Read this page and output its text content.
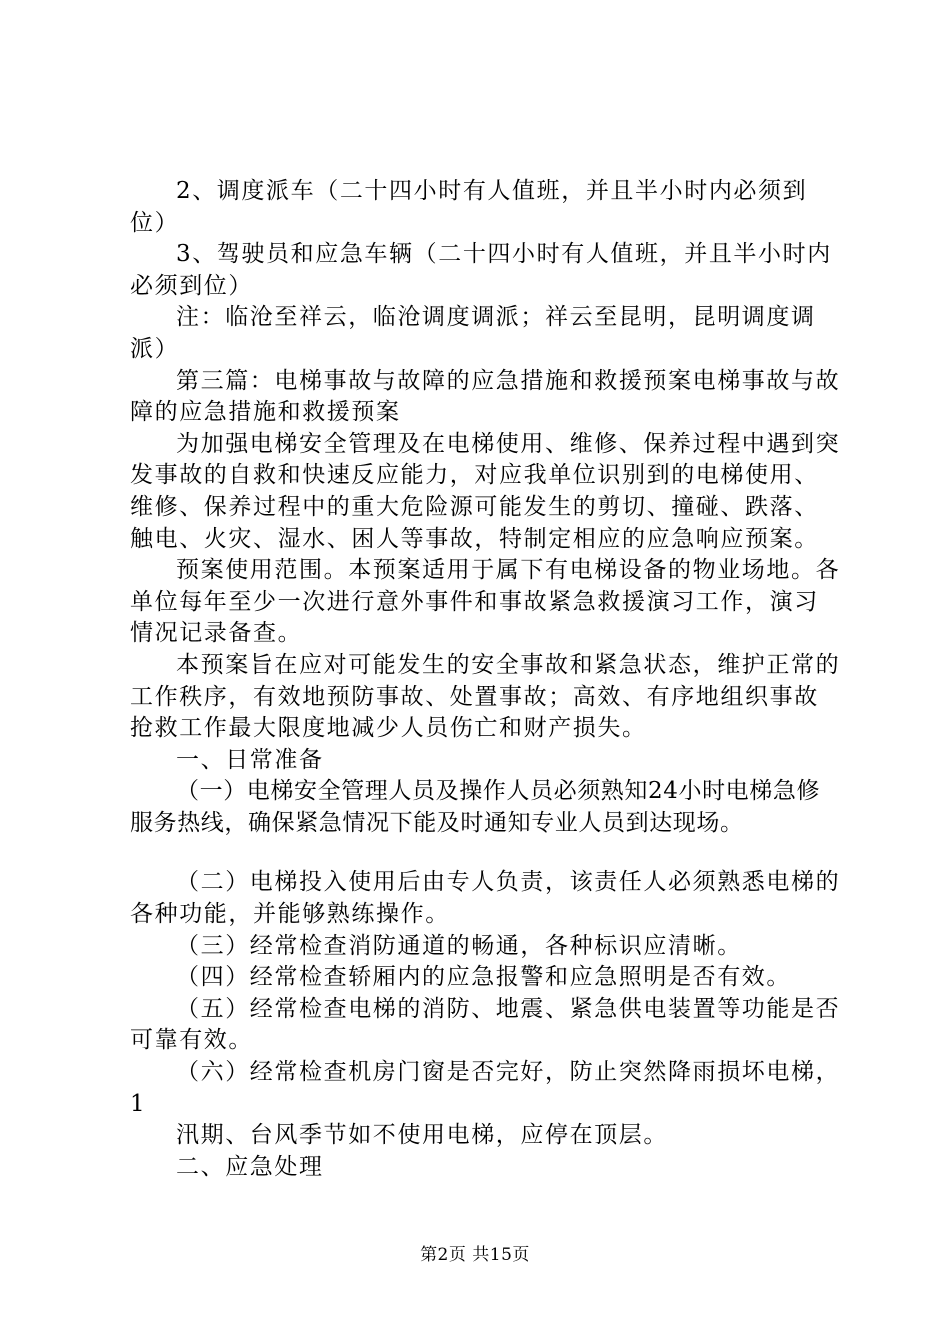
2、调度派车（二十四小时有人值班，并且半小时内必须到位）

3、驾驶员和应急车辆（二十四小时有人值班，并且半小时内必须到位）

注：临沧至祥云，临沧调度调派；祥云至昆明，昆明调度调派）

第三篇：电梯事故与故障的应急措施和救援预案电梯事故与故障的应急措施和救援预案

为加强电梯安全管理及在电梯使用、维修、保养过程中遇到突发事故的自救和快速反应能力，对应我单位识别到的电梯使用、维修、保养过程中的重大危险源可能发生的剪切、撞碰、跌落、触电、火灾、湿水、困人等事故，特制定相应的应急响应预案。

预案使用范围。本预案适用于属下有电梯设备的物业场地。各单位每年至少一次进行意外事件和事故紧急救援演习工作，演习情况记录备查。

本预案旨在应对可能发生的安全事故和紧急状态，维护正常的工作秩序，有效地预防事故、处置事故；高效、有序地组织事故抢救工作最大限度地减少人员伤亡和财产损失。

一、日常准备

（一）电梯安全管理人员及操作人员必须熟知24小时电梯急修服务热线，确保紧急情况下能及时通知专业人员到达现场。

（二）电梯投入使用后由专人负责，该责任人必须熟悉电梯的各种功能，并能够熟练操作。

（三）经常检查消防通道的畅通，各种标识应清晰。

（四）经常检查轿厢内的应急报警和应急照明是否有效。

（五）经常检查电梯的消防、地震、紧急供电装置等功能是否可靠有效。

（六）经常检查机房门窗是否完好，防止突然降雨损坏电梯，1

汛期、台风季节如不使用电梯，应停在顶层。

二、应急处理

第2页 共15页
